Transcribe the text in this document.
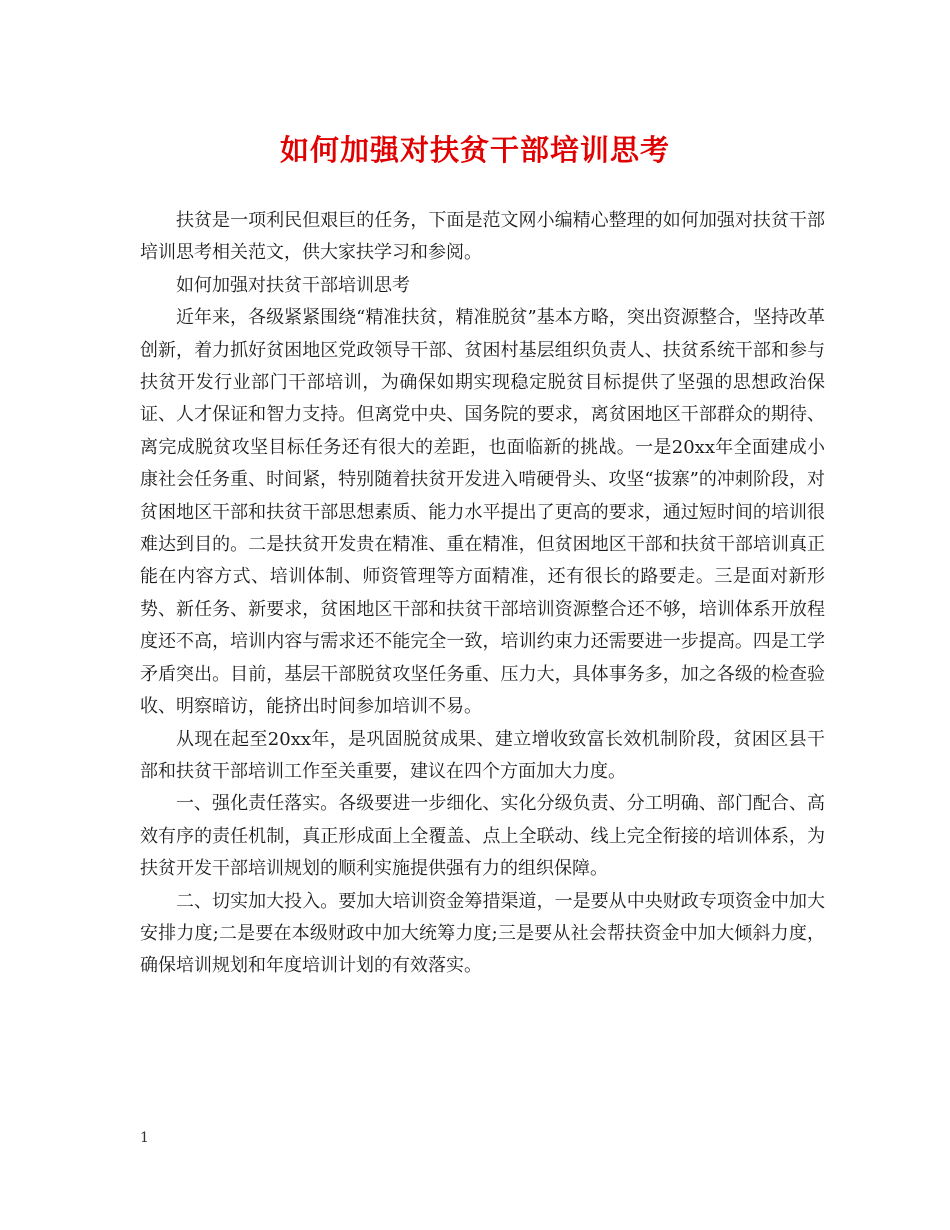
如何加强对扶贫干部培训思考

扶贫是一项利民但艰巨的任务，下面是范文网小编精心整理的如何加强对扶贫干部培训思考相关范文，供大家扶学习和参阅。

如何加强对扶贫干部培训思考

近年来，各级紧紧围绕“精准扶贫，精准脱贫”基本方略，突出资源整合，坚持改革创新，着力抓好贫困地区党政领导干部、贫困村基层组织负责人、扶贫系统干部和参与扶贫开发行业部门干部培训，为确保如期实现稳定脱贫目标提供了坚强的思想政治保证、人才保证和智力支持。但离党中央、国务院的要求，离贫困地区干部群众的期待、离完成脱贫攻坚目标任务还有很大的差距，也面临新的挑战。一是20xx年全面建成小康社会任务重、时间紧，特别随着扶贫开发进入啃硬骨头、攻坚“拔寨”的冲刺阶段，对贫困地区干部和扶贫干部思想素质、能力水平提出了更高的要求，通过短时间的培训很难达到目的。二是扶贫开发贵在精准、重在精准，但贫困地区干部和扶贫干部培训真正能在内容方式、培训体制、师资管理等方面精准，还有很长的路要走。三是面对新形势、新任务、新要求，贫困地区干部和扶贫干部培训资源整合还不够，培训体系开放程度还不高，培训内容与需求还不能完全一致，培训约束力还需要进一步提高。四是工学矛盾突出。目前，基层干部脱贫攻坚任务重、压力大，具体事务多，加之各级的检查验收、明察暗访，能挤出时间参加培训不易。

从现在起至20xx年，是巩固脱贫成果、建立增收致富长效机制阶段，贫困区县干部和扶贫干部培训工作至关重要，建议在四个方面加大力度。

一、强化责任落实。各级要进一步细化、实化分级负责、分工明确、部门配合、高效有序的责任机制，真正形成面上全覆盖、点上全联动、线上完全衔接的培训体系，为扶贫开发干部培训规划的顺利实施提供强有力的组织保障。

二、切实加大投入。要加大培训资金筹措渠道，一是要从中央财政专项资金中加大安排力度;二是要在本级财政中加大统筹力度;三是要从社会帮扶资金中加大倾斜力度，确保培训规划和年度培训计划的有效落实。

1
